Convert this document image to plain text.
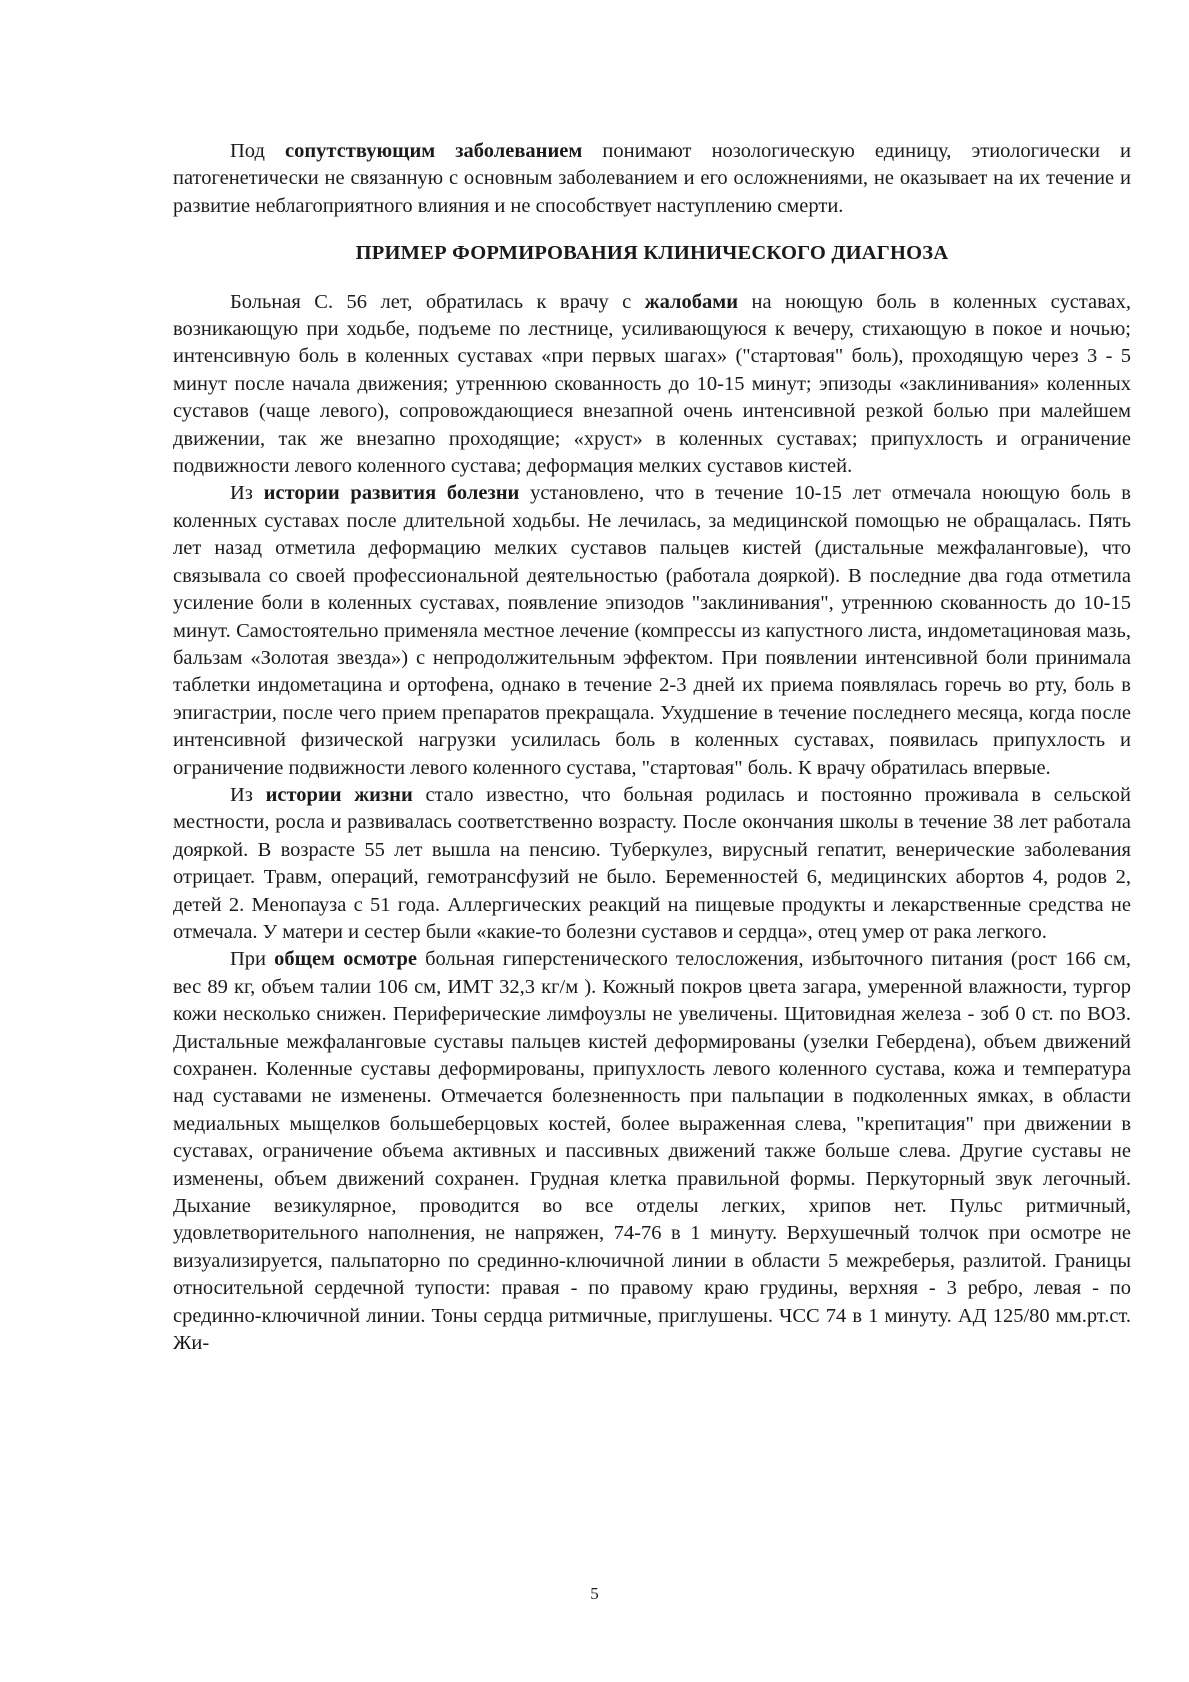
Под сопутствующим заболеванием понимают нозологическую единицу, этиологически и патогенетически не связанную с основным заболеванием и его осложнениями, не оказывает на их течение и развитие неблагоприятного влияния и не способствует наступлению смерти.

ПРИМЕР ФОРМИРОВАНИЯ КЛИНИЧЕСКОГО ДИАГНОЗА

Больная С. 56 лет, обратилась к врачу с жалобами на ноющую боль в коленных суставах, возникающую при ходьбе, подъеме по лестнице, усиливающуюся к вечеру, стихающую в покое и ночью; интенсивную боль в коленных суставах «при первых шагах» ("стартовая" боль), проходящую через 3 - 5 минут после начала движения; утреннюю скованность до 10-15 минут; эпизоды «заклинивания» коленных суставов (чаще левого), сопровождающиеся внезапной очень интенсивной резкой болью при малейшем движении, так же внезапно проходящие; «хруст» в коленных суставах; припухлость и ограничение подвижности левого коленного сустава; деформация мелких суставов кистей.

Из истории развития болезни установлено, что в течение 10-15 лет отмечала ноющую боль в коленных суставах после длительной ходьбы. Не лечилась, за медицинской помощью не обращалась. Пять лет назад отметила деформацию мелких суставов пальцев кистей (дистальные межфаланговые), что связывала со своей профессиональной деятельностью (работала дояркой). В последние два года отметила усиление боли в коленных суставах, появление эпизодов "заклинивания", утреннюю скованность до 10-15 минут. Самостоятельно применяла местное лечение (компрессы из капустного листа, индометациновая мазь, бальзам «Золотая звезда») с непродолжительным эффектом. При появлении интенсивной боли принимала таблетки индометацина и ортофена, однако в течение 2-3 дней их приема появлялась горечь во рту, боль в эпигастрии, после чего прием препаратов прекращала. Ухудшение в течение последнего месяца, когда после интенсивной физической нагрузки усилилась боль в коленных суставах, появилась припухлость и ограничение подвижности левого коленного сустава, "стартовая" боль. К врачу обратилась впервые.

Из истории жизни стало известно, что больная родилась и постоянно проживала в сельской местности, росла и развивалась соответственно возрасту. После окончания школы в течение 38 лет работала дояркой. В возрасте 55 лет вышла на пенсию. Туберкулез, вирусный гепатит, венерические заболевания отрицает. Травм, операций, гемотрансфузий не было. Беременностей 6, медицинских абортов 4, родов 2, детей 2. Менопауза с 51 года. Аллергических реакций на пищевые продукты и лекарственные средства не отмечала. У матери и сестер были «какие-то болезни суставов и сердца», отец умер от рака легкого.

При общем осмотре больная гиперстенического телосложения, избыточного питания (рост 166 см, вес 89 кг, объем талии 106 см, ИМТ 32,3 кг/м ). Кожный покров цвета загара, умеренной влажности, тургор кожи несколько снижен. Периферические лимфоузлы не увеличены. Щитовидная железа - зоб 0 ст. по ВОЗ. Дистальные межфаланговые суставы пальцев кистей деформированы (узелки Гебердена), объем движений сохранен. Коленные суставы деформированы, припухлость левого коленного сустава, кожа и температура над суставами не изменены. Отмечается болезненность при пальпации в подколенных ямках, в области медиальных мыщелков большеберцовых костей, более выраженная слева, "крепитация" при движении в суставах, ограничение объема активных и пассивных движений также больше слева. Другие суставы не изменены, объем движений сохранен. Грудная клетка правильной формы. Перкуторный звук легочный. Дыхание везикулярное, проводится во все отделы легких, хрипов нет. Пульс ритмичный, удовлетворительного наполнения, не напряжен, 74-76 в 1 минуту. Верхушечный толчок при осмотре не визуализируется, пальпаторно по срединно-ключичной линии в области 5 межреберья, разлитой. Границы относительной сердечной тупости: правая - по правому краю грудины, верхняя - 3 ребро, левая - по срединно-ключичной линии. Тоны сердца ритмичные, приглушены. ЧСС 74 в 1 минуту. АД 125/80 мм.рт.ст. Жи-

5
